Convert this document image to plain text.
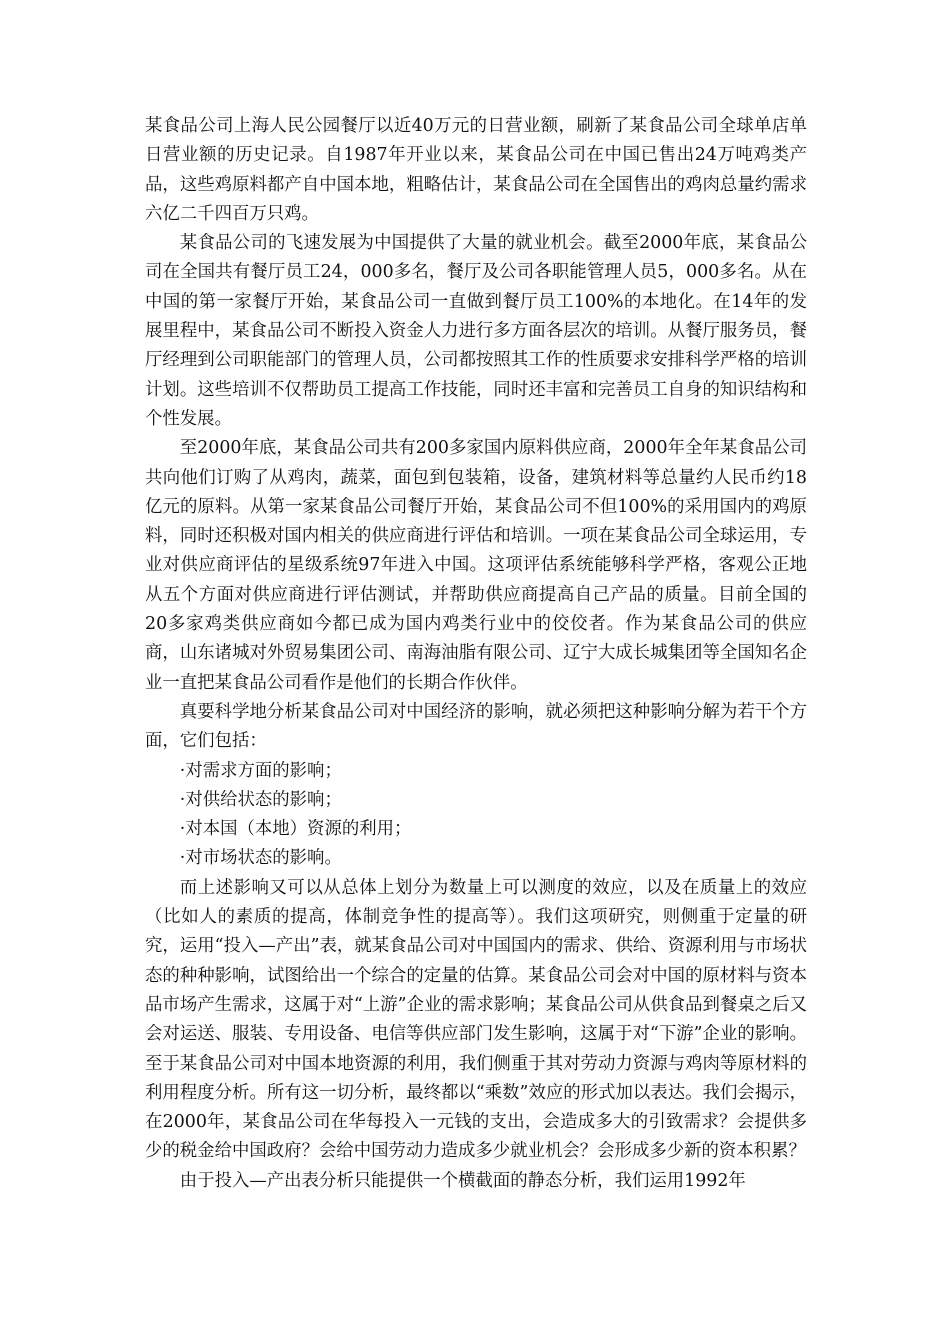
某食品公司上海人民公园餐厅以近40万元的日营业额，刷新了某食品公司全球单店单日营业额的历史记录。自1987年开业以来，某食品公司在中国已售出24万吨鸡类产品，这些鸡原料都产自中国本地，粗略估计，某食品公司在全国售出的鸡肉总量约需求六亿二千四百万只鸡。

某食品公司的飞速发展为中国提供了大量的就业机会。截至2000年底，某食品公司在全国共有餐厅员工24，000多名，餐厅及公司各职能管理人员5，000多名。从在中国的第一家餐厅开始，某食品公司一直做到餐厅员工100%的本地化。在14年的发展里程中，某食品公司不断投入资金人力进行多方面各层次的培训。从餐厅服务员，餐厅经理到公司职能部门的管理人员，公司都按照其工作的性质要求安排科学严格的培训计划。这些培训不仅帮助员工提高工作技能，同时还丰富和完善员工自身的知识结构和个性发展。

至2000年底，某食品公司共有200多家国内原料供应商，2000年全年某食品公司共向他们订购了从鸡肉，蔬菜，面包到包装箱，设备，建筑材料等总量约人民币约18亿元的原料。从第一家某食品公司餐厅开始，某食品公司不但100%的采用国内的鸡原料，同时还积极对国内相关的供应商进行评估和培训。一项在某食品公司全球运用，专业对供应商评估的星级系统97年进入中国。这项评估系统能够科学严格，客观公正地从五个方面对供应商进行评估测试，并帮助供应商提高自己产品的质量。目前全国的20多家鸡类供应商如今都已成为国内鸡类行业中的佼佼者。作为某食品公司的供应商，山东诸城对外贸易集团公司、南海油脂有限公司、辽宁大成长城集团等全国知名企业一直把某食品公司看作是他们的长期合作伙伴。

真要科学地分析某食品公司对中国经济的影响，就必须把这种影响分解为若干个方面，它们包括：

·对需求方面的影响；
·对供给状态的影响；
·对本国（本地）资源的利用；
·对市场状态的影响。

而上述影响又可以从总体上划分为数量上可以测度的效应，以及在质量上的效应（比如人的素质的提高，体制竞争性的提高等）。我们这项研究，则侧重于定量的研究，运用“投入—产出”表，就某食品公司对中国国内的需求、供给、资源利用与市场状态的种种影响，试图给出一个综合的定量的估算。某食品公司会对中国的原材料与资本品市场产生需求，这属于对“上游”企业的需求影响；某食品公司从供食品到餐桌之后又会对运送、服装、专用设备、电信等供应部门发生影响，这属于对“下游”企业的影响。至于某食品公司对中国本地资源的利用，我们侧重于其对劳动力资源与鸡肉等原材料的利用程度分析。所有这一切分析，最终都以“乘数”效应的形式加以表达。我们会揭示，在2000年，某食品公司在华每投入一元钱的支出，会造成多大的引致需求？会提供多少的税金给中国政府？会给中国劳动力造成多少就业机会？会形成多少新的资本积累？

由于投入—产出表分析只能提供一个横截面的静态分析，我们运用1992年
